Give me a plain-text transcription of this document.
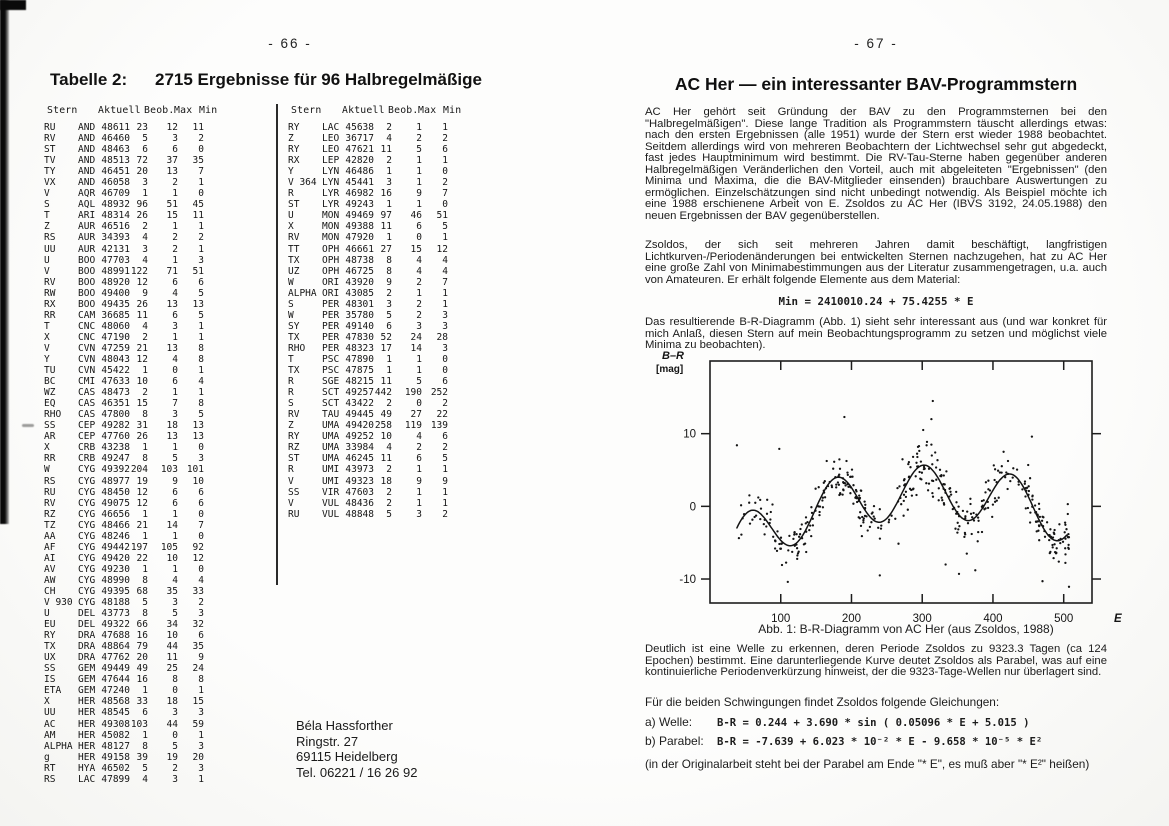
- 66 -
Tabelle 2: 2715 Ergebnisse für 96 Halbregelmäßige
Stern Aktuell Beob. Max Min
RU	AND 48611 23	12	11
RV	AND 46460	5	3	2
ST	AND 48463	6	6	0
TV	AND 48513 72	37	35
TY	AND 46451 20	13	7
VX	AND 46058	3	2	1
V	AQR 46709	1	1	0
S	AQL 48932 96	51	45
T	ARI 48314 26	15	11
Z	AUR 46516	2	1	1
RS	AUR 34393	4	2	2
UU	AUR 42131	3	2	1
U	BOO 47703	4	1	3
V	BOO 48991 122	71	51
RV	BOO 48920 12	6	6
RW	BOO 49400	9	4	5
RX	BOO 49435 26	13	13
RR	CAM 36685 11	6	5
T	CNC 48060	4	3	1
X	CNC 47190	2	1	1
V	CVN 47259 21	13	8
Y	CVN 48043 12	4	8
TU	CVN 45422	1	0	1
BC	CMI 47633 10	6	4
WZ	CAS 48473	2	1	1
EQ	CAS 46351 15	7	8
RHO	CAS 47800	8	3	5
SS	CEP 49282 31	18	13
AR	CEP 47760 26	13	13
X	CRB 43238	1	1	0
RR	CRB 49247	8	5	3
W	CYG 49392 204	103 101
RS	CYG 48977 19	9	10
RU	CYG 48450 12	6	6
RV	CYG 49075 12	6	6
RZ	CYG 46656	1	1	0
TZ	CYG 48466 21	14	7
AA	CYG 48246	1	1	0
AF	CYG 49442 197	105	92
AI	CYG 49420 22	10	12
AV	CYG 49230	1	1	0
AW	CYG 48990	8	4	4
CH	CYG 49395 68	35	33
V 930 CYG 48188	5	3	2
U	DEL 43773	8	5	3
EU	DEL 49322 66	34	32
RY	DRA 47688 16	10	6
TX	DRA 48864 79	44	35
UX	DRA 47762 20	11	9
SS	GEM 49449 49	25	24
IS	GEM 47644 16	8	8
ETA	GEM 47240	1	0	1
X	HER 48568 33	18	15
UU	HER 48545	6	3	3
AC	HER 49308 103	44	59
AM	HER 45082	1	0	1
ALPHA HER 48127	8	5	3
g	HER 49158 39	19	20
RT	HYA 46502	5	2	3
RS	LAC 47899	4	3	1
Stern Aktuell Beob. Max Min
RY	LAC 45638	2	1	1
Z	LEO 36717	4	2	2
RY	LEO 47621 11	5	6
RX	LEP 42820	2	1	1
Y	LYN 46486	1	1	0
V 364 LYN 45441	3	1	2
R	LYR 46982 16	9	7
ST	LYR 49243	1	1	0
U	MON 49469 97	46	51
X	MON 49388 11	6	5
RV	MON 47920	1	0	1
TT	OPH 46661 27	15	12
TX	OPH 48738	8	4	4
UZ	OPH 46725	8	4	4
W	ORI 43920	9	2	7
ALPHA ORI 43085	2	1	1
S	PER 48301	3	2	1
W	PER 35780	5	2	3
SY	PER 49140	6	3	3
TX	PER 47830 52	24	28
RHO	PER 48323 17	14	3
T	PSC 47890	1	1	0
TX	PSC 47875	1	1	0
R	SGE 48215 11	5	6
R	SCT 49257 442	190 252
S	SCT 43422	2	0	2
RV	TAU 49445 49	27	22
Z	UMA 49420 258	119 139
RY	UMA 49252 10	4	6
RZ	UMA 33984	4	2	2
ST	UMA 46245 11	6	5
R	UMI 43973	2	1	1
V	UMI 49323 18	9	9
SS	VIR 47603	2	1	1
V	VUL 48436	2	1	1
RU	VUL 48848	5	3	2
Béla Hassforther
Ringstr. 27
69115 Heidelberg
Tel. 06221 / 16 26 92
- 67 -
AC Her — ein interessanter BAV-Programmstern
AC Her gehört seit Gründung der BAV zu den Programmsternen bei den "Halbregelmäßigen". Diese lange Tradition als Programmstern täuscht allerdings etwas: nach den ersten Ergebnissen (alle 1951) wurde der Stern erst wieder 1988 beobachtet. Seitdem allerdings wird von mehreren Beobachtern der Lichtwechsel sehr gut abgedeckt, fast jedes Hauptminimum wird bestimmt. Die RV-Tau-Sterne haben gegenüber anderen Halbregelmäßigen Veränderlichen den Vorteil, auch mit abgeleiteten "Ergebnissen" (den Minima und Maxima, die die BAV-Mitglieder einsenden) brauchbare Auswertungen zu ermöglichen. Einzelschätzungen sind nicht unbedingt notwendig. Als Beispiel möchte ich eine 1988 erschienene Arbeit von E. Zsoldos zu AC Her (IBVS 3192, 24.05.1988) den neuen Ergebnissen der BAV gegenüberstellen.
Zsoldos, der sich seit mehreren Jahren damit beschäftigt, langfristigen Lichtkurven-/Periodenänderungen bei entwickelten Sternen nachzugehen, hat zu AC Her eine große Zahl von Minimabestimmungen aus der Literatur zusammengetragen, u.a. auch von Amateuren. Er erhält folgende Elemente aus dem Material:
Min = 2410010.24 + 75.4255 * E
Das resultierende B-R-Diagramm (Abb. 1) sieht sehr interessant aus (und war konkret für mich Anlaß, diesen Stern auf mein Beobachtungsprogramm zu setzen und möglichst viele Minima zu beobachten).
Abb. 1: B-R-Diagramm von AC Her (aus Zsoldos, 1988)
Deutlich ist eine Welle zu erkennen, deren Periode Zsoldos zu 9323.3 Tagen (ca 124 Epochen) bestimmt. Eine darunterliegende Kurve deutet Zsoldos als Parabel, was auf eine kontinuierliche Periodenverkürzung hinweist, der die 9323-Tage-Wellen nur überlagert sind.
Für die beiden Schwingungen findet Zsoldos folgende Gleichungen:
a) Welle: B-R = 0.244 + 3.690 * sin ( 0.05096 * E + 5.015 )
b) Parabel: B-R = -7.639 + 6.023 * 10⁻² * E - 9.658 * 10⁻⁵ * E²
(in der Originalarbeit steht bei der Parabel am Ende "* E", es muß aber "* E²" heißen)
10
0
-10
100	200	300	400	500
B–R
[mag]
E
